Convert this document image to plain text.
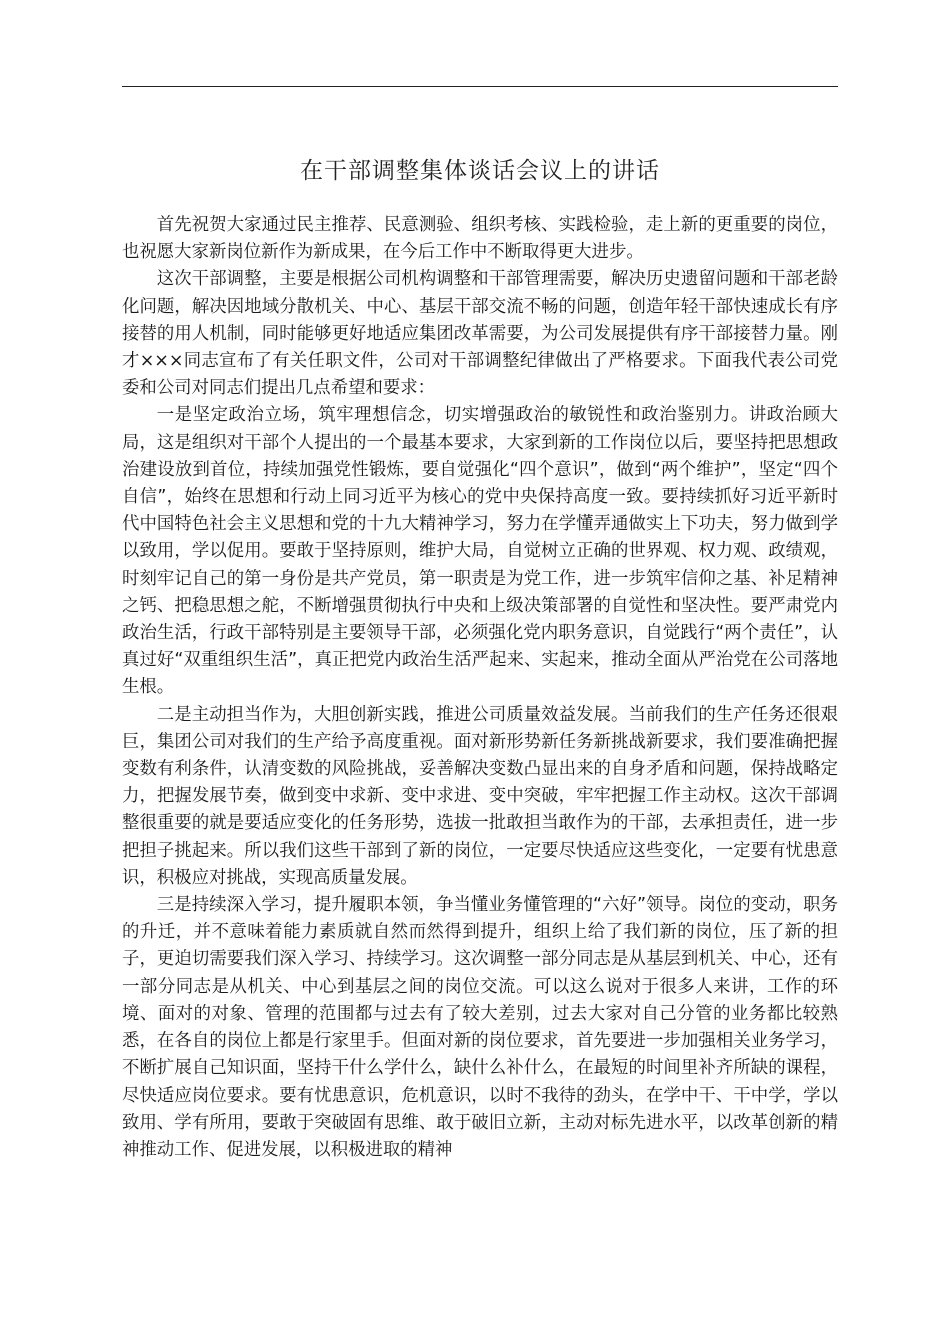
在干部调整集体谈话会议上的讲话

首先祝贺大家通过民主推荐、民意测验、组织考核、实践检验，走上新的更重要的岗位，也祝愿大家新岗位新作为新成果，在今后工作中不断取得更大进步。

这次干部调整，主要是根据公司机构调整和干部管理需要，解决历史遗留问题和干部老龄化问题，解决因地域分散机关、中心、基层干部交流不畅的问题，创造年轻干部快速成长有序接替的用人机制，同时能够更好地适应集团改革需要，为公司发展提供有序干部接替力量。刚才×××同志宣布了有关任职文件，公司对干部调整纪律做出了严格要求。下面我代表公司党委和公司对同志们提出几点希望和要求：

一是坚定政治立场，筑牢理想信念，切实增强政治的敏锐性和政治鉴别力。讲政治顾大局，这是组织对干部个人提出的一个最基本要求，大家到新的工作岗位以后，要坚持把思想政治建设放到首位，持续加强党性锻炼，要自觉强化“四个意识”，做到“两个维护”，坚定“四个自信”，始终在思想和行动上同习近平为核心的党中央保持高度一致。要持续抓好习近平新时代中国特色社会主义思想和党的十九大精神学习，努力在学懂弄通做实上下功夫，努力做到学以致用，学以促用。要敢于坚持原则，维护大局，自觉树立正确的世界观、权力观、政绩观，时刻牢记自己的第一身份是共产党员，第一职责是为党工作，进一步筑牢信仰之基、补足精神之钙、把稳思想之舵，不断增强贯彻执行中央和上级决策部署的自觉性和坚决性。要严肃党内政治生活，行政干部特别是主要领导干部，必须强化党内职务意识，自觉践行“两个责任”，认真过好“双重组织生活”，真正把党内政治生活严起来、实起来，推动全面从严治党在公司落地生根。

二是主动担当作为，大胆创新实践，推进公司质量效益发展。当前我们的生产任务还很艰巨，集团公司对我们的生产给予高度重视。面对新形势新任务新挑战新要求，我们要准确把握变数有利条件，认清变数的风险挑战，妥善解决变数凸显出来的自身矛盾和问题，保持战略定力，把握发展节奏，做到变中求新、变中求进、变中突破，牢牢把握工作主动权。这次干部调整很重要的就是要适应变化的任务形势，选拔一批敢担当敢作为的干部，去承担责任，进一步把担子挑起来。所以我们这些干部到了新的岗位，一定要尽快适应这些变化，一定要有忧患意识，积极应对挑战，实现高质量发展。

三是持续深入学习，提升履职本领，争当懂业务懂管理的“六好”领导。岗位的变动，职务的升迁，并不意味着能力素质就自然而然得到提升，组织上给了我们新的岗位，压了新的担子，更迫切需要我们深入学习、持续学习。这次调整一部分同志是从基层到机关、中心，还有一部分同志是从机关、中心到基层之间的岗位交流。可以这么说对于很多人来讲，工作的环境、面对的对象、管理的范围都与过去有了较大差别，过去大家对自己分管的业务都比较熟悉，在各自的岗位上都是行家里手。但面对新的岗位要求，首先要进一步加强相关业务学习，不断扩展自己知识面，坚持干什么学什么，缺什么补什么，在最短的时间里补齐所缺的课程，尽快适应岗位要求。要有忧患意识，危机意识，以时不我待的劲头，在学中干、干中学，学以致用、学有所用，要敢于突破固有思维、敢于破旧立新，主动对标先进水平，以改革创新的精神推动工作、促进发展，以积极进取的精神
